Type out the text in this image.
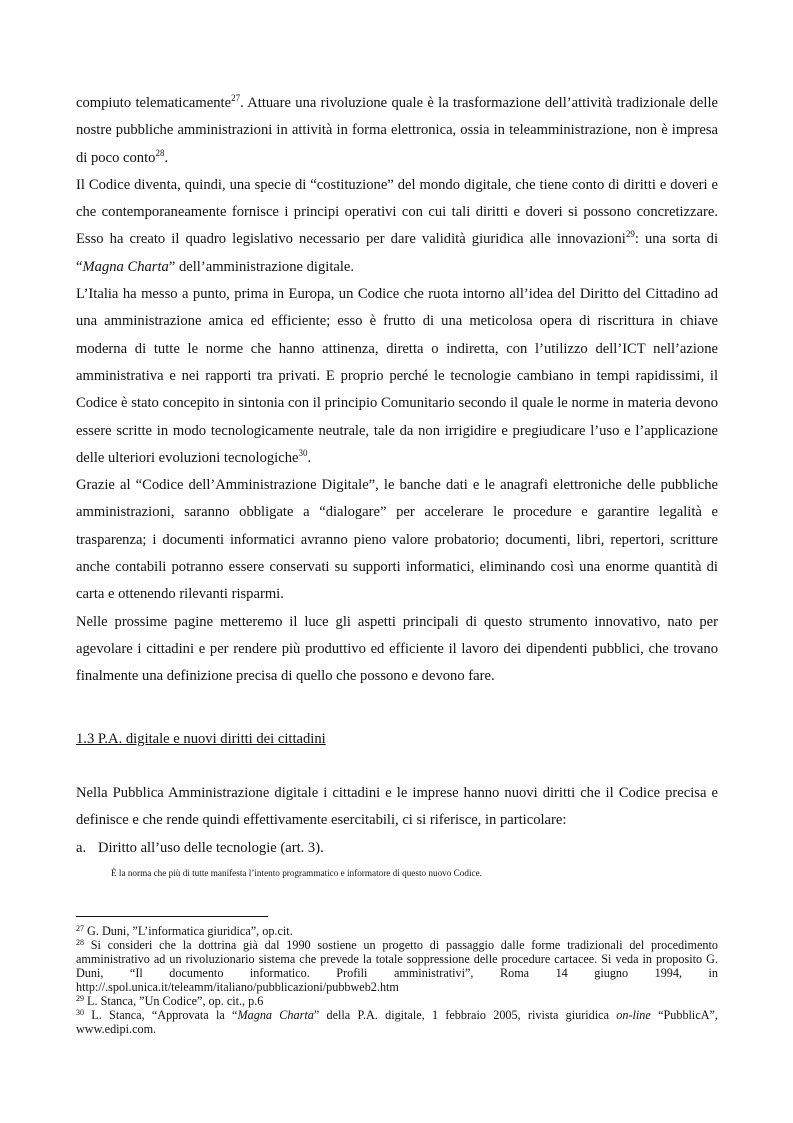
compiuto telematicamente$^{27}$. Attuare una rivoluzione quale è la trasformazione dell’attività tradizionale delle nostre pubbliche amministrazioni in attività in forma elettronica, ossia in teleamministrazione, non è impresa di poco conto$^{28}$.

Il Codice diventa, quindi, una specie di “costituzione” del mondo digitale, che tiene conto di diritti e doveri e che contemporaneamente fornisce i principi operativi con cui tali diritti e doveri si possono concretizzare. Esso ha creato il quadro legislativo necessario per dare validità giuridica alle innovazioni$^{29}$: una sorta di “Magna Charta” dell’amministrazione digitale.

L’Italia ha messo a punto, prima in Europa, un Codice che ruota intorno all’idea del Diritto del Cittadino ad una amministrazione amica ed efficiente; esso è frutto di una meticolosa opera di riscrittura in chiave moderna di tutte le norme che hanno attinenza, diretta o indiretta, con l’utilizzo dell’ICT nell’azione amministrativa e nei rapporti tra privati. E proprio perché le tecnologie cambiano in tempi rapidissimi, il Codice è stato concepito in sintonia con il principio Comunitario secondo il quale le norme in materia devono essere scritte in modo tecnologicamente neutrale, tale da non irrigidire e pregiudicare l’uso e l’applicazione delle ulteriori evoluzioni tecnologiche$^{30}$.

Grazie al “Codice dell’Amministrazione Digitale”, le banche dati e le anagrafi elettroniche delle pubbliche amministrazioni, saranno obbligate a “dialogare” per accelerare le procedure e garantire legalità e trasparenza; i documenti informatici avranno pieno valore probatorio; documenti, libri, repertori, scritture anche contabili potranno essere conservati su supporti informatici, eliminando così una enorme quantità di carta e ottenendo rilevanti risparmi.

Nelle prossime pagine metteremo il luce gli aspetti principali di questo strumento innovativo, nato per agevolare i cittadini e per rendere più produttivo ed efficiente il lavoro dei dipendenti pubblici, che trovano finalmente una definizione precisa di quello che possono e devono fare.

1.3 P.A. digitale e nuovi diritti dei cittadini

Nella Pubblica Amministrazione digitale i cittadini e le imprese hanno nuovi diritti che il Codice precisa e definisce e che rende quindi effettivamente esercitabili, ci si riferisce, in particolare:

a. Diritto all’uso delle tecnologie (art. 3).

È la norma che più di tutte manifesta l’intento programmatico e informatore di questo nuovo Codice.

$^{27}$ G. Duni, ”L’informatica giuridica”, op.cit.

$^{28}$ Si consideri che la dottrina già dal 1990 sostiene un progetto di passaggio dalle forme tradizionali del procedimento amministrativo ad un rivoluzionario sistema che prevede la totale soppressione delle procedure cartacee. Si veda in proposito G. Duni, “Il documento informatico. Profili amministrativi”, Roma 14 giugno 1994, in http://.spol.unica.it/teleamm/italiano/pubblicazioni/pubbweb2.htm

$^{29}$ L. Stanca, ”Un Codice”, op. cit., p.6

$^{30}$ L. Stanca, “Approvata la “Magna Charta” della P.A. digitale, 1 febbraio 2005, rivista giuridica on-line “PubblicA”, www.edipi.com.
